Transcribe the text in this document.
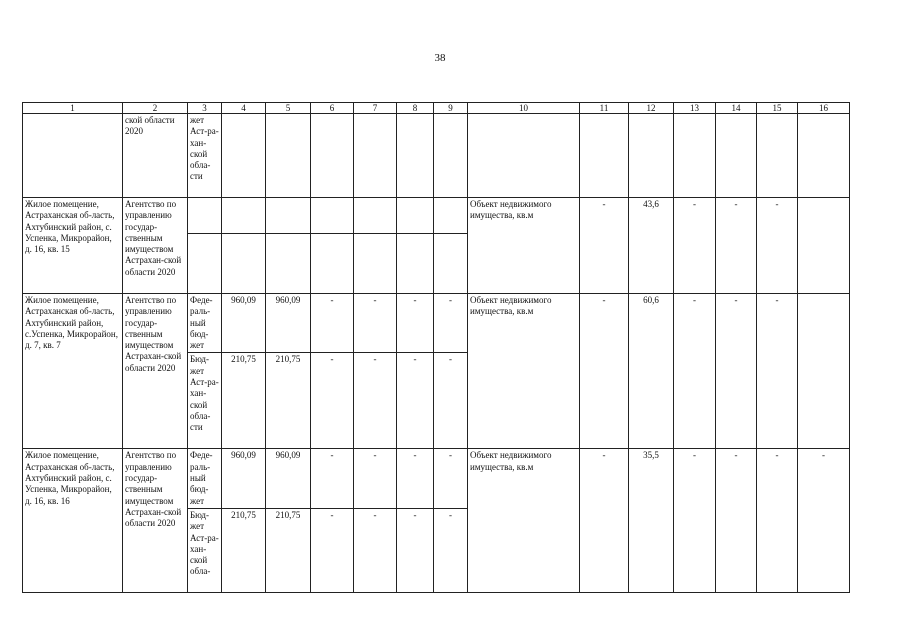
38
1	2	3	4	5	6	7	8	9	10	11	12	13	14	15	16
	ской области 2020	жет Аст-ра-хан-ской обла-сти													
Жилое помещение, Астраханская об-ласть, Ахтубинский район, с. Успенка, Микрорайон, д. 16, кв. 15	Агентство по управлению государ-ственным имуществом Астрахан-ской области 2020								Объект недвижимого имущества, кв.м	-	43,6	-	-	-	

Жилое помещение, Астраханская об-ласть, Ахтубинский район, с.Успенка, Микрорайон, д. 7, кв. 7	Агентство по управлению государ-ственным имуществом Астрахан-ской области 2020	Феде-раль-ный бюд-жет	960,09	960,09	-	-	-	-	Объект недвижимого имущества, кв.м	-	60,6	-	-	-	
		Бюд-жет Аст-ра-хан-ской обла-сти	210,75	210,75	-	-	-	-							
Жилое помещение, Астраханская об-ласть, Ахтубинский район, с. Успенка, Микрорайон, д. 16, кв. 16	Агентство по управлению государ-ственным имуществом Астрахан-ской области 2020	Феде-раль-ный бюд-жет	960,09	960,09	-	-	-	-	Объект недвижимого имущества, кв.м	-	35,5	-	-	-	-
		Бюд-жет Аст-ра-хан-ской обла-	210,75	210,75	-	-	-	-							
